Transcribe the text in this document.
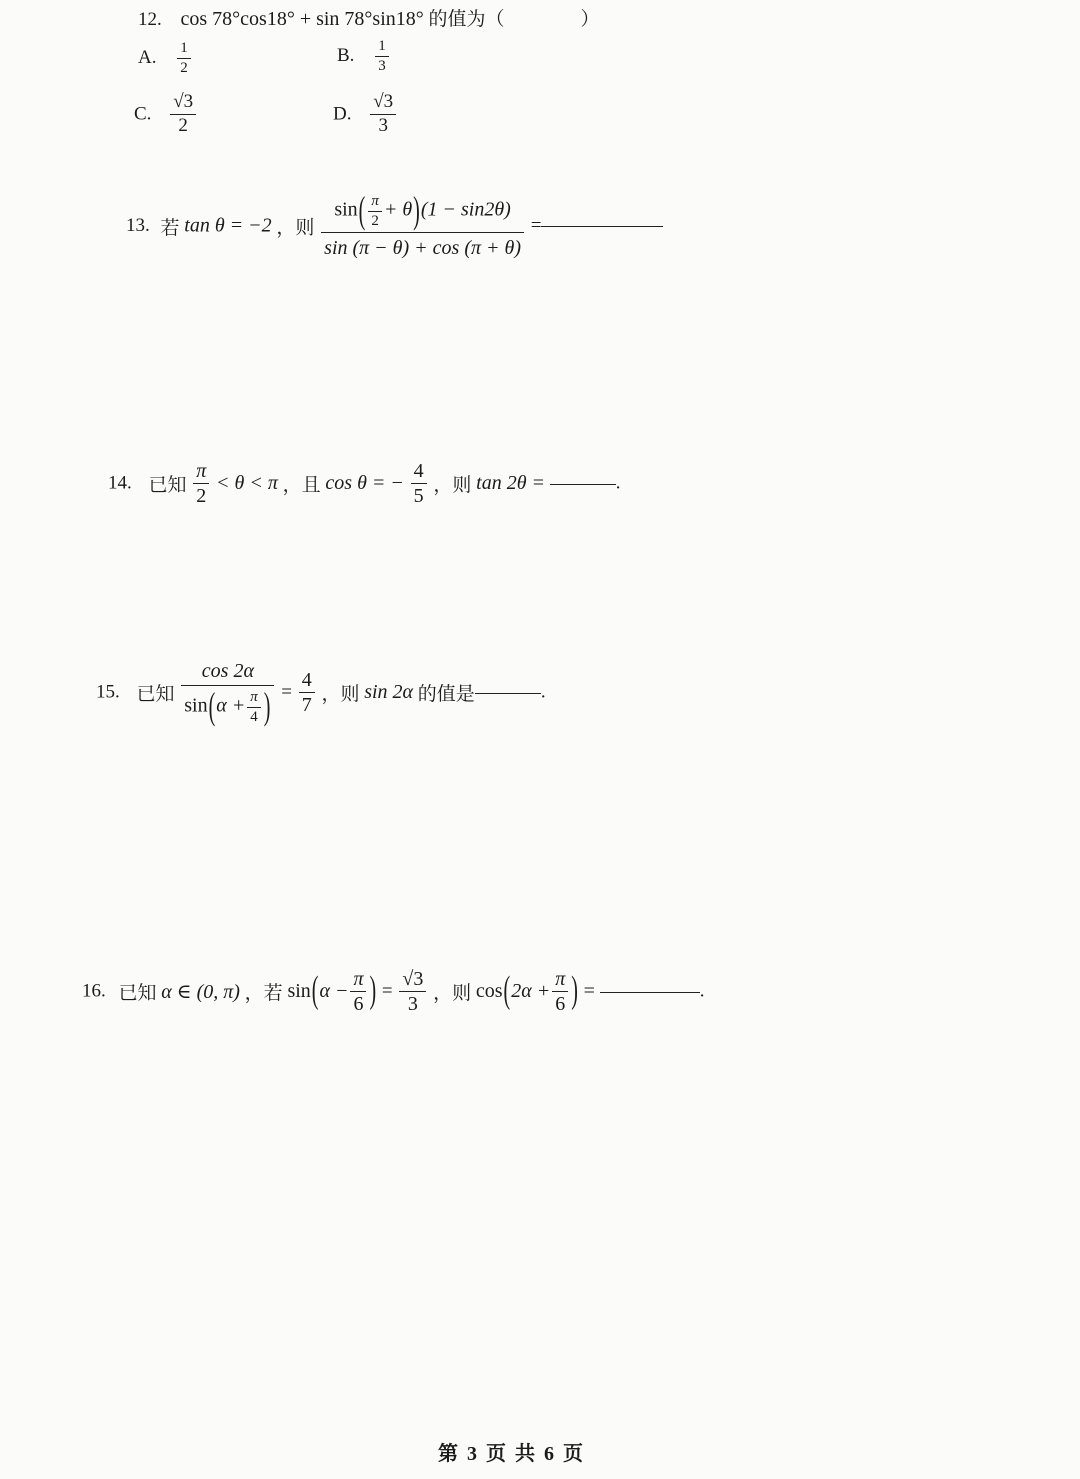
12. cos 78°cos18° + sin 78°sin18° 的值为（　　　　）
A. $\frac{1}{2}$	B. $\frac{1}{3}$
C. $\frac{√3}{2}$	D. $\frac{√3}{3}$
13. 若 tan θ = −2 ，则 $\frac{\sin( \frac{\pi}{2} + \theta)(1 - \sin 2\theta)}{\sin (\pi - \theta) + \cos (\pi + \theta)}$ =
14. 已知 $\frac{\pi}{2} < \theta < \pi$ ，且 cos θ = − $\frac{4}{5}$ ，则 tan 2θ =	.
15. 已知 $\frac{\cos 2\alpha}{\sin(\alpha + \frac{\pi}{4} )} = \frac{4}{7}$ ，则 sin 2α 的值是	.
16. 已知 α ∈ (0, π) ，若 $\sin(\alpha - \frac{\pi}{6}$ ) = $\frac{√3}{3}$ ，则 $\cos(2\alpha + \frac{\pi}{6}$ ) =	.
第 3 页 共 6 页
